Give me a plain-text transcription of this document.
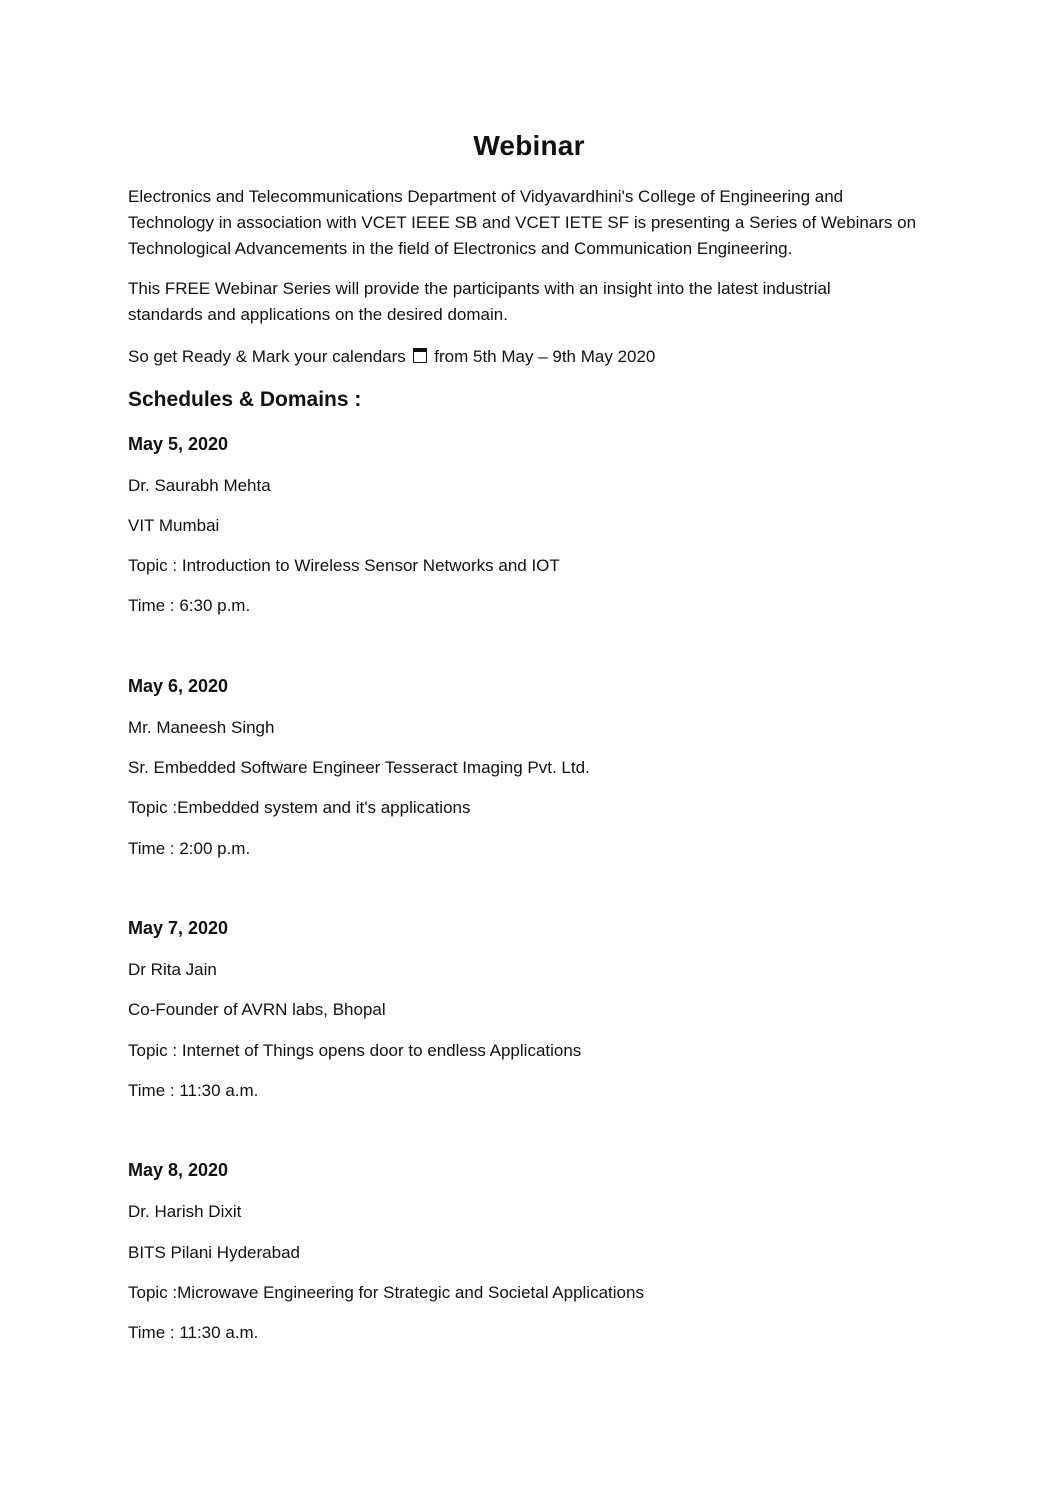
Webinar
Electronics and Telecommunications Department of Vidyavardhini's College of Engineering and
Technology in association with VCET IEEE SB and VCET IETE SF is presenting a Series of Webinars on
Technological Advancements in the field of Electronics and Communication Engineering.
This FREE Webinar Series will provide the participants with an insight into the latest industrial
standards and applications on the desired domain.
So get Ready & Mark your calendars from 5th May – 9th May 2020
Schedules & Domains :
May 5, 2020
Dr. Saurabh Mehta
VIT Mumbai
Topic : Introduction to Wireless Sensor Networks and IOT
Time : 6:30 p.m.
May 6, 2020
Mr. Maneesh Singh
Sr. Embedded Software Engineer Tesseract Imaging Pvt. Ltd.
Topic :Embedded system and it's applications
Time : 2:00 p.m.
May 7, 2020
Dr Rita Jain
Co-Founder of AVRN labs, Bhopal
Topic : Internet of Things opens door to endless Applications
Time : 11:30 a.m.
May 8, 2020
Dr. Harish Dixit
BITS Pilani Hyderabad
Topic :Microwave Engineering for Strategic and Societal Applications
Time : 11:30 a.m.
